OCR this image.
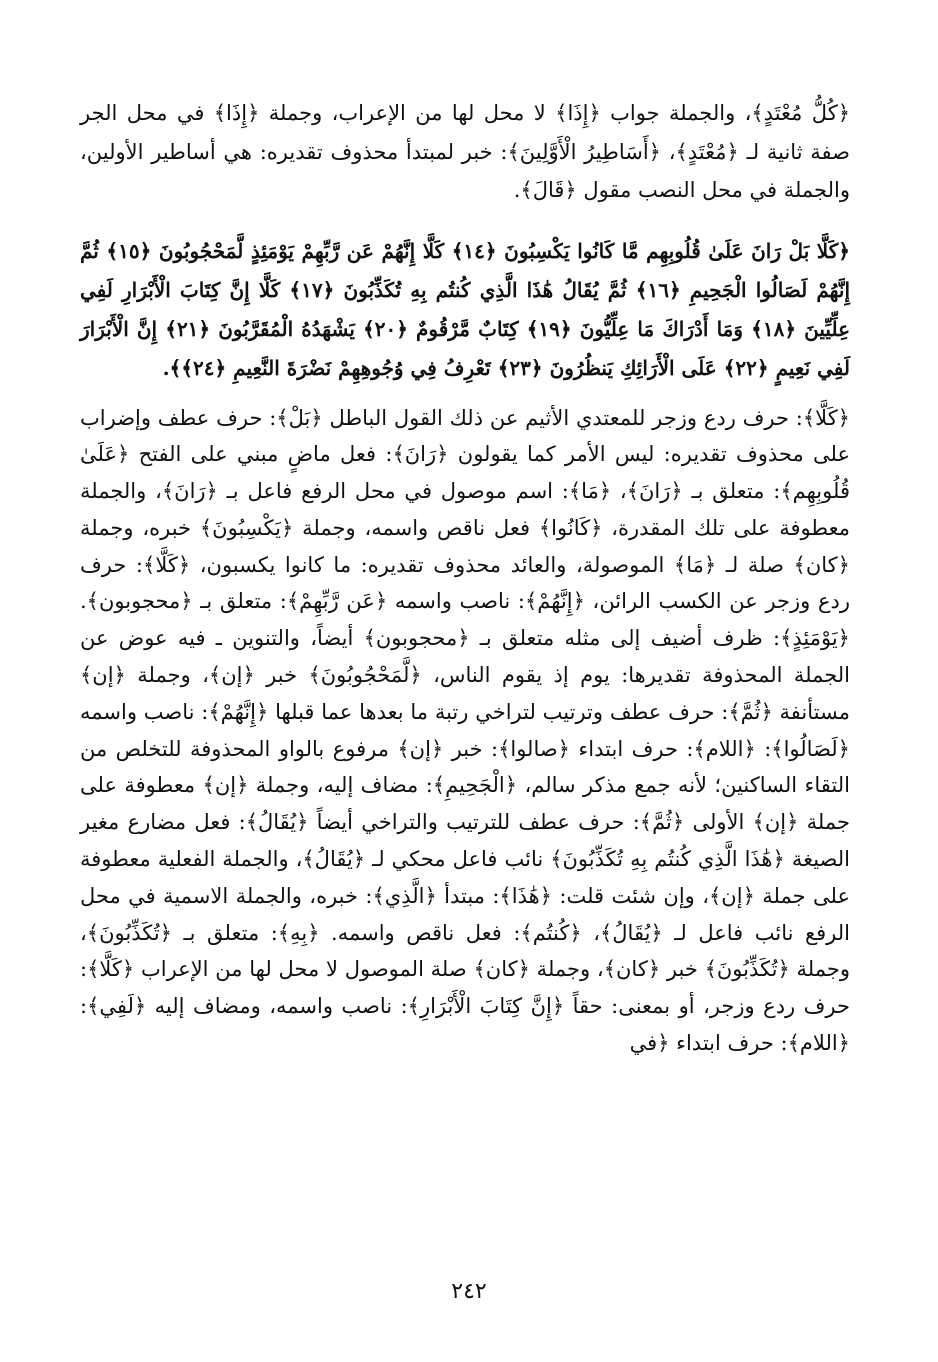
﴿كُلُّ مُعْتَدٍ﴾، والجملة جواب ﴿إِذَا﴾ لا محل لها من الإعراب، وجملة ﴿إِذَا﴾ في محل الجر صفة ثانية لـ ﴿مُعْتَدٍ﴾، ﴿أَسَاطِيرُ الْأَوَّلِينَ﴾: خبر لمبتدأ محذوف تقديره: هي أساطير الأولين، والجملة في محل النصب مقول ﴿قَالَ﴾.

﴿كَلَّا بَلْ رَانَ عَلَىٰ قُلُوبِهِم مَّا كَانُوا يَكْسِبُونَ ﴿١٤﴾ كَلَّا إِنَّهُمْ عَن رَّبِّهِمْ يَوْمَئِذٍ لَّمَحْجُوبُونَ ﴿١٥﴾ ثُمَّ إِنَّهُمْ لَصَالُوا الْجَحِيمِ ﴿١٦﴾ ثُمَّ يُقَالُ هَٰذَا الَّذِي كُنتُم بِهِ تُكَذِّبُونَ ﴿١٧﴾ كَلَّا إِنَّ كِتَابَ الْأَبْرَارِ لَفِي عِلِّيِّينَ ﴿١٨﴾ وَمَا أَدْرَاكَ مَا عِلِّيُّونَ ﴿١٩﴾ كِتَابٌ مَّرْقُومٌ ﴿٢٠﴾ يَشْهَدُهُ الْمُقَرَّبُونَ ﴿٢١﴾ إِنَّ الْأَبْرَارَ لَفِي نَعِيمٍ ﴿٢٢﴾ عَلَى الْأَرَائِكِ يَنظُرُونَ ﴿٢٣﴾ تَعْرِفُ فِي وُجُوهِهِمْ نَضْرَةَ النَّعِيمِ ﴿٢٤﴾﴾.

﴿كَلَّا﴾: حرف ردع وزجر للمعتدي الأثيم عن ذلك القول الباطل ﴿بَلْ﴾: حرف عطف وإضراب على محذوف تقديره: ليس الأمر كما يقولون ﴿رَانَ﴾: فعل ماضٍ مبني على الفتح ﴿عَلَىٰ قُلُوبِهِم﴾: متعلق بـ ﴿رَانَ﴾، ﴿مَا﴾: اسم موصول في محل الرفع فاعل بـ ﴿رَانَ﴾، والجملة معطوفة على تلك المقدرة، ﴿كَانُوا﴾ فعل ناقص واسمه، وجملة ﴿يَكْسِبُونَ﴾ خبره، وجملة ﴿كان﴾ صلة لـ ﴿مَا﴾ الموصولة، والعائد محذوف تقديره: ما كانوا يكسبون، ﴿كَلَّا﴾: حرف ردع وزجر عن الكسب الرائن، ﴿إِنَّهُمْ﴾: ناصب واسمه ﴿عَن رَّبِّهِمْ﴾: متعلق بـ ﴿محجوبون﴾. ﴿يَوْمَئِذٍ﴾: ظرف أضيف إلى مثله متعلق بـ ﴿محجوبون﴾ أيضاً، والتنوين ـ فيه عوض عن الجملة المحذوفة تقديرها: يوم إذ يقوم الناس، ﴿لَّمَحْجُوبُونَ﴾ خبر ﴿إن﴾، وجملة ﴿إن﴾ مستأنفة ﴿ثُمَّ﴾: حرف عطف وترتيب لتراخي رتبة ما بعدها عما قبلها ﴿إِنَّهُمْ﴾: ناصب واسمه ﴿لَصَالُوا﴾: ﴿اللام﴾: حرف ابتداء ﴿صالوا﴾: خبر ﴿إن﴾ مرفوع بالواو المحذوفة للتخلص من التقاء الساكنين؛ لأنه جمع مذكر سالم، ﴿الْجَحِيمِ﴾: مضاف إليه، وجملة ﴿إن﴾ معطوفة على جملة ﴿إن﴾ الأولى ﴿ثُمَّ﴾: حرف عطف للترتيب والتراخي أيضاً ﴿يُقَالُ﴾: فعل مضارع مغير الصيغة ﴿هَٰذَا الَّذِي كُنتُم بِهِ تُكَذِّبُونَ﴾ نائب فاعل محكي لـ ﴿يُقَالُ﴾، والجملة الفعلية معطوفة على جملة ﴿إن﴾، وإن شئت قلت: ﴿هَٰذَا﴾: مبتدأ ﴿الَّذِي﴾: خبره، والجملة الاسمية في محل الرفع نائب فاعل لـ ﴿يُقَالُ﴾، ﴿كُنتُم﴾: فعل ناقص واسمه. ﴿بِهِ﴾: متعلق بـ ﴿تُكَذِّبُونَ﴾، وجملة ﴿تُكَذِّبُونَ﴾ خبر ﴿كان﴾، وجملة ﴿كان﴾ صلة الموصول لا محل لها من الإعراب ﴿كَلَّا﴾: حرف ردع وزجر، أو بمعنى: حقاً ﴿إِنَّ كِتَابَ الْأَبْرَارِ﴾: ناصب واسمه، ومضاف إليه ﴿لَفِي﴾: ﴿اللام﴾: حرف ابتداء ﴿في

٢٤٢
